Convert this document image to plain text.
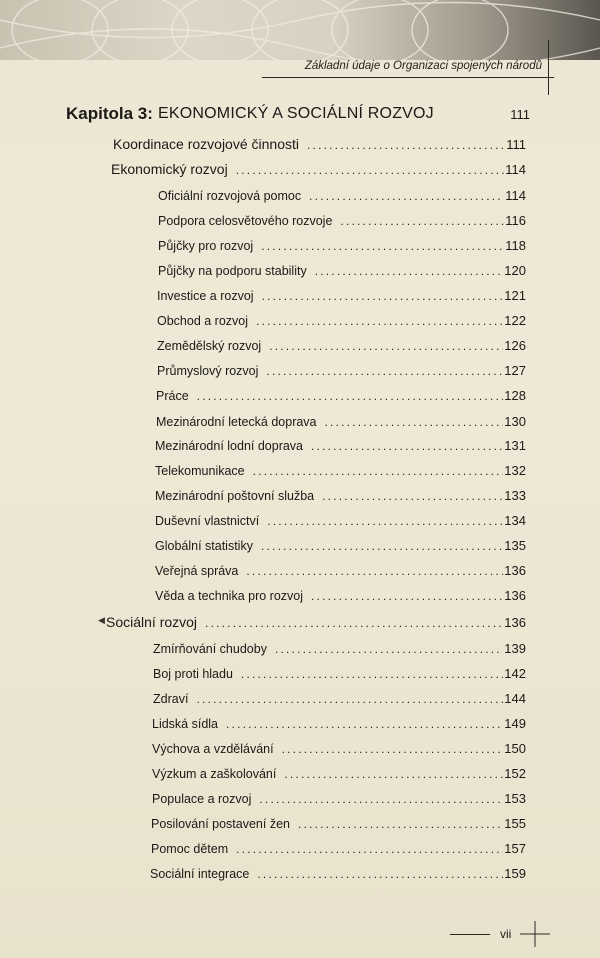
Základní údaje o Organizaci spojených národů
Kapitola 3: EKONOMICKÝ A SOCIÁLNÍ ROZVOJ	111
Koordinace rozvojové činnosti .....	111
Ekonomický rozvoj .....	114
Oficiální rozvojová pomoc .....	114
Podpora celosvětového rozvoje .....	116
Půjčky pro rozvoj .....	118
Půjčky na podporu stability .....	120
Investice a rozvoj .....	121
Obchod a rozvoj .....	122
Zemědělský rozvoj .....	126
Průmyslový rozvoj .....	127
Práce .....	128
Mezinárodní letecká doprava .....	130
Mezinárodní lodní doprava .....	131
Telekomunikace .....	132
Mezinárodní poštovní služba .....	133
Duševní vlastnictví .....	134
Globální statistiky .....	135
Veřejná správa .....	136
Věda a technika pro rozvoj .....	136
◀ Sociální rozvoj .....	136
Zmírňování chudoby .....	139
Boj proti hladu .....	142
Zdraví .....	144
Lidská sídla .....	149
Výchova a vzdělávání .....	150
Výzkum a zaškolování .....	152
Populace a rozvoj .....	153
Posilování postavení žen .....	155
Pomoc dětem .....	157
Sociální integrace .....	159
vii
